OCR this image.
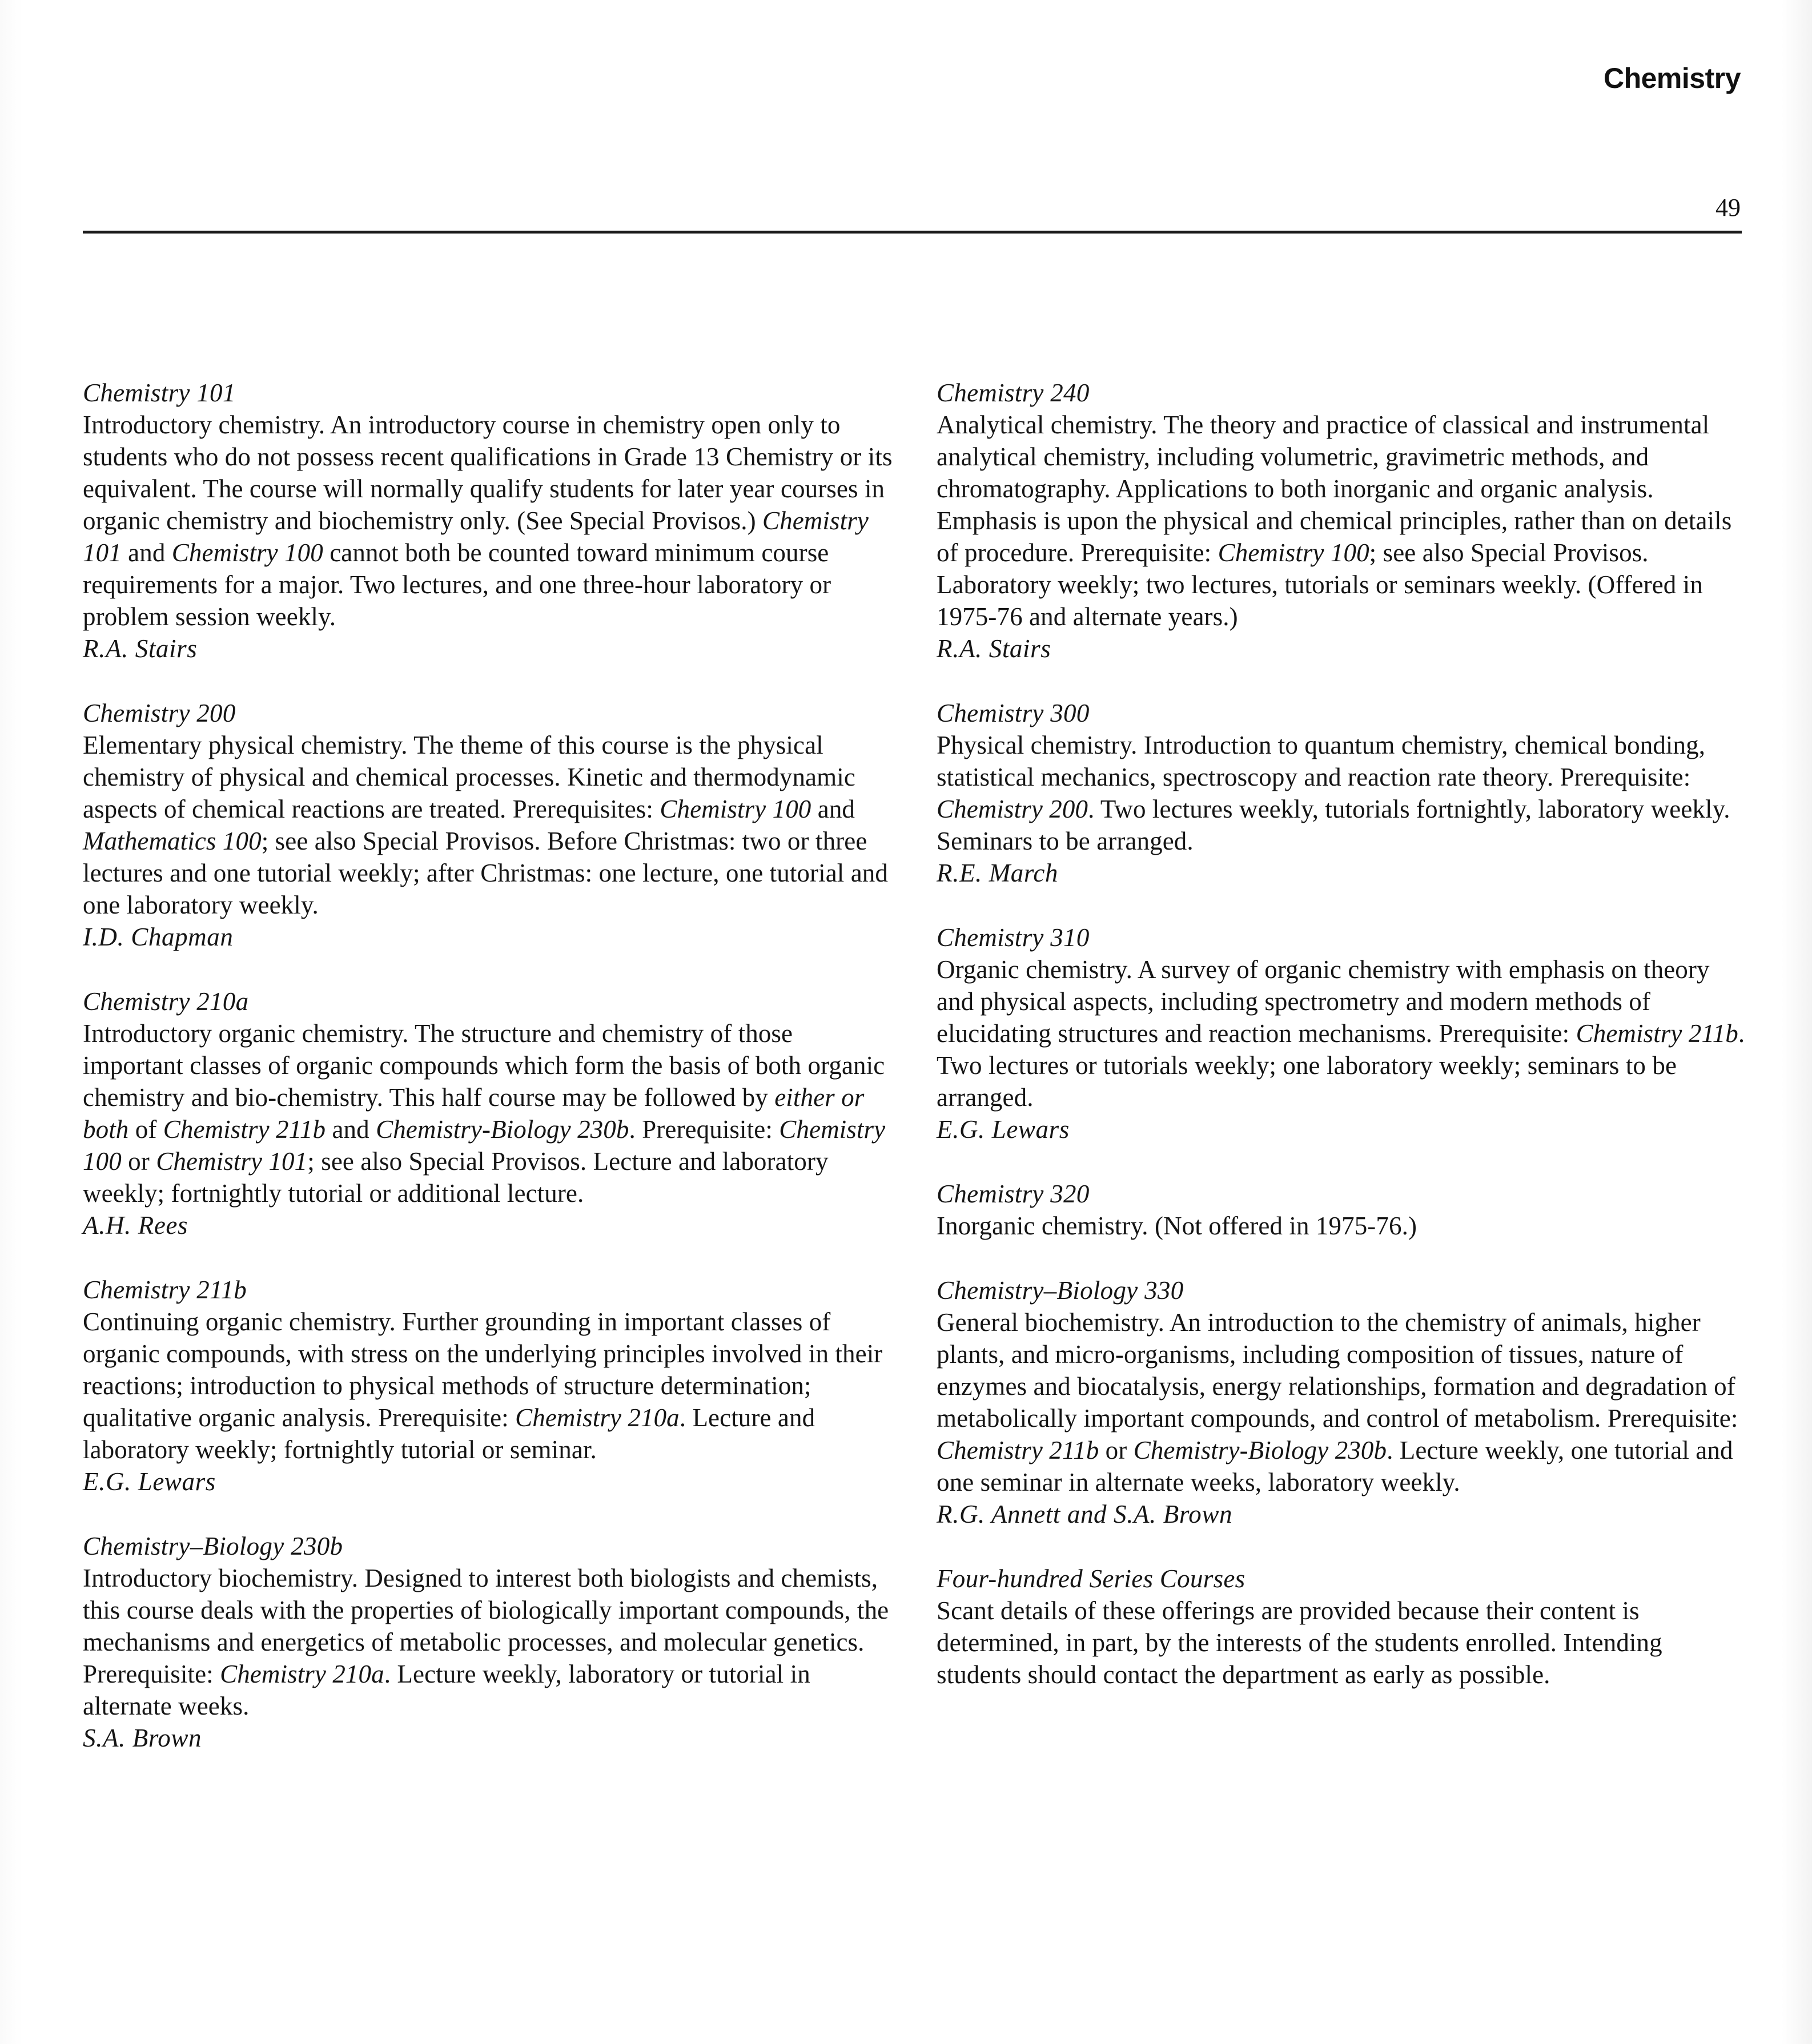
Chemistry
49
Chemistry 101
Introductory chemistry. An introductory course in chemistry open only to students who do not possess recent qualifications in Grade 13 Chemistry or its equivalent. The course will normally qualify students for later year courses in organic chemistry and biochemistry only. (See Special Provisos.) Chemistry 101 and Chemistry 100 cannot both be counted toward minimum course requirements for a major. Two lectures, and one three-hour laboratory or problem session weekly.
R.A. Stairs
Chemistry 200
Elementary physical chemistry. The theme of this course is the physical chemistry of physical and chemical processes. Kinetic and thermodynamic aspects of chemical reactions are treated. Prerequisites: Chemistry 100 and Mathematics 100; see also Special Provisos. Before Christmas: two or three lectures and one tutorial weekly; after Christmas: one lecture, one tutorial and one laboratory weekly.
I.D. Chapman
Chemistry 210a
Introductory organic chemistry. The structure and chemistry of those important classes of organic compounds which form the basis of both organic chemistry and bio-chemistry. This half course may be followed by either or both of Chemistry 211b and Chemistry-Biology 230b. Prerequisite: Chemistry 100 or Chemistry 101; see also Special Provisos. Lecture and laboratory weekly; fortnightly tutorial or additional lecture.
A.H. Rees
Chemistry 211b
Continuing organic chemistry. Further grounding in important classes of organic compounds, with stress on the underlying principles involved in their reactions; introduction to physical methods of structure determination; qualitative organic analysis. Prerequisite: Chemistry 210a. Lecture and laboratory weekly; fortnightly tutorial or seminar.
E.G. Lewars
Chemistry–Biology 230b
Introductory biochemistry. Designed to interest both biologists and chemists, this course deals with the properties of biologically important compounds, the mechanisms and energetics of metabolic processes, and molecular genetics. Prerequisite: Chemistry 210a. Lecture weekly, laboratory or tutorial in alternate weeks.
S.A. Brown
Chemistry 240
Analytical chemistry. The theory and practice of classical and instrumental analytical chemistry, including volumetric, gravimetric methods, and chromatography. Applications to both inorganic and organic analysis. Emphasis is upon the physical and chemical principles, rather than on details of procedure. Prerequisite: Chemistry 100; see also Special Provisos. Laboratory weekly; two lectures, tutorials or seminars weekly. (Offered in 1975-76 and alternate years.)
R.A. Stairs
Chemistry 300
Physical chemistry. Introduction to quantum chemistry, chemical bonding, statistical mechanics, spectroscopy and reaction rate theory. Prerequisite: Chemistry 200. Two lectures weekly, tutorials fortnightly, laboratory weekly. Seminars to be arranged.
R.E. March
Chemistry 310
Organic chemistry. A survey of organic chemistry with emphasis on theory and physical aspects, including spectrometry and modern methods of elucidating structures and reaction mechanisms. Prerequisite: Chemistry 211b. Two lectures or tutorials weekly; one laboratory weekly; seminars to be arranged.
E.G. Lewars
Chemistry 320
Inorganic chemistry. (Not offered in 1975-76.)
Chemistry–Biology 330
General biochemistry. An introduction to the chemistry of animals, higher plants, and micro-organisms, including composition of tissues, nature of enzymes and biocatalysis, energy relationships, formation and degradation of metabolically important compounds, and control of metabolism. Prerequisite: Chemistry 211b or Chemistry-Biology 230b. Lecture weekly, one tutorial and one seminar in alternate weeks, laboratory weekly.
R.G. Annett and S.A. Brown
Four-hundred Series Courses
Scant details of these offerings are provided because their content is determined, in part, by the interests of the students enrolled. Intending students should contact the department as early as possible.
